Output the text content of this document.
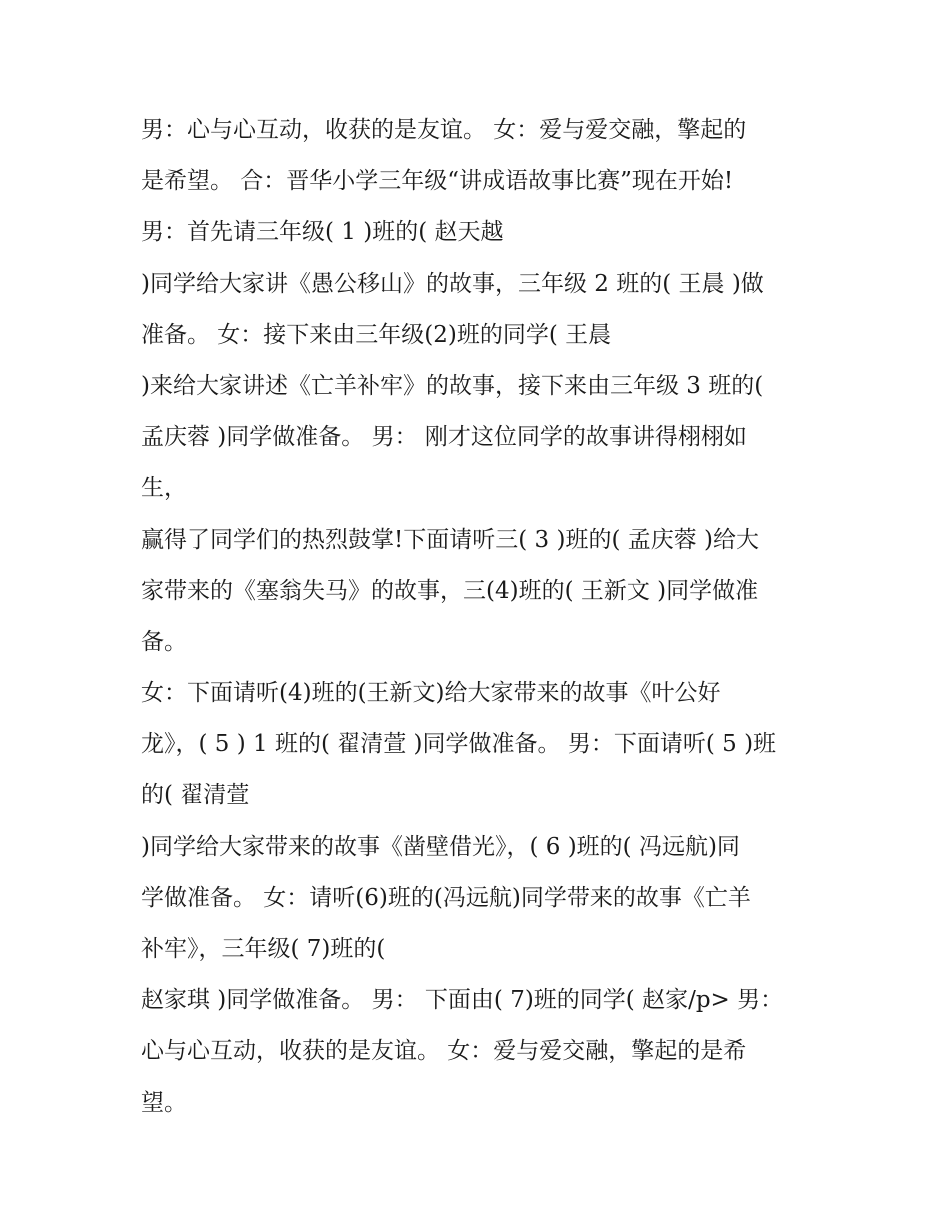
男：心与心互动，收获的是友谊。 女：爱与爱交融，擎起的
是希望。 合：晋华小学三年级“讲成语故事比赛”现在开始!
男：首先请三年级( 1 )班的( 赵天越
)同学给大家讲《愚公移山》的故事，三年级 2 班的( 王晨 )做
准备。 女：接下来由三年级(2)班的同学( 王晨
)来给大家讲述《亡羊补牢》的故事，接下来由三年级 3 班的(
孟庆蓉 )同学做准备。 男： 刚才这位同学的故事讲得栩栩如
生，
赢得了同学们的热烈鼓掌!下面请听三( 3 )班的( 孟庆蓉 )给大
家带来的《塞翁失马》的故事，三(4)班的( 王新文 )同学做准
备。
女：下面请听(4)班的(王新文)给大家带来的故事《叶公好
龙》，( 5 ) 1 班的( 翟清萱 )同学做准备。 男：下面请听( 5 )班
的( 翟清萱
)同学给大家带来的故事《凿壁借光》，( 6 )班的( 冯远航)同
学做准备。 女：请听(6)班的(冯远航)同学带来的故事《亡羊
补牢》，三年级( 7)班的(
赵家琪 )同学做准备。 男： 下面由( 7)班的同学( 赵家/p> 男：
心与心互动，收获的是友谊。 女：爱与爱交融，擎起的是希
望。
